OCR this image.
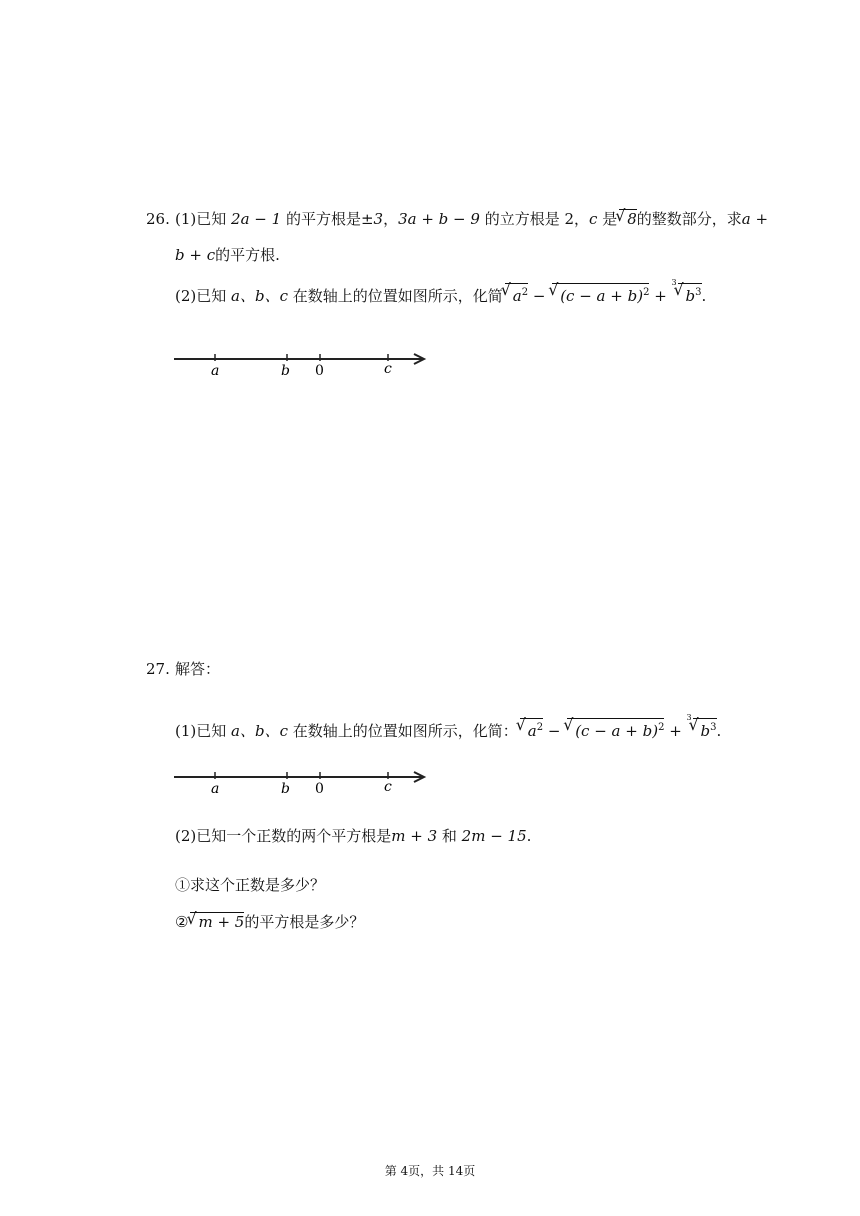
26. (1)已知 2a − 1 的平方根是±3，3a + b − 9 的立方根是 2，c 是 √ 8的整数部分，求a +
b + c的平方根.
(2)已知 a、b、c 在数轴上的位置如图所示，化简 √ $a^2$ − √ $(c - a + b)^2$ +
√ 3
$b^3$.
a	b 0	c
27. 解答：
(1)已知 a、b、c 在数轴上的位置如图所示，化简： √ $a^2$ − √ $(c - a + b)^2$ +
√ 3
$b^3$.
a	b 0	c
(2)已知一个正数的两个平方根是m + 3 和 2m − 15.
①求这个正数是多少？
② √ m + 5的平方根是多少？
第 4页，共 14页
